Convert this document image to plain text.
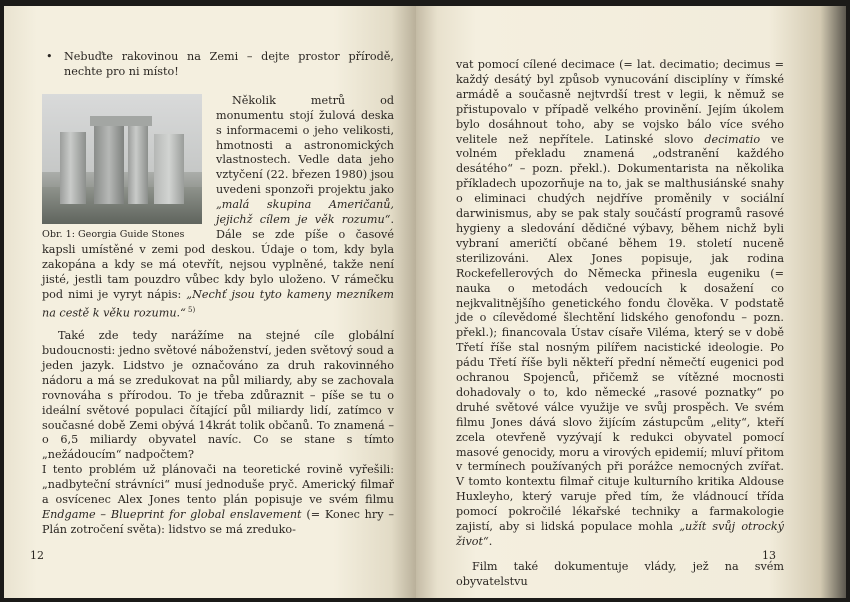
• Nebuďte rakovinou na Zemi – dejte prostor přírodě, nechte pro ni místo!

Obr. 1: Georgia Guide Stones

Několik metrů od monumentu stojí žulová deska s informacemi o jeho velikosti, hmotnosti a astronomických vlastnostech. Vedle data jeho vztyčení (22. březen 1980) jsou uvedeni sponzoři projektu jako „malá skupina Američanů, jejichž cílem je věk rozumu“. Dále se zde píše o časové kapsli umístěné v zemi pod deskou. Údaje o tom, kdy byla zakopána a kdy se má otevřít, nejsou vyplněné, takže není jisté, jestli tam pouzdro vůbec kdy bylo uloženo. V rámečku pod nimi je vyryt nápis: „Nechť jsou tyto kameny mezníkem na cestě k věku rozumu.“ $^{5)}$

Také zde tedy narážíme na stejné cíle globální budoucnosti: jedno světové náboženství, jeden světový soud a jeden jazyk. Lidstvo je označováno za druh rakovinného nádoru a má se zredukovat na půl miliardy, aby se zachovala rovnováha s přírodou. To je třeba zdůraznit – píše se tu o ideální světové populaci čítající půl miliardy lidí, zatímco v současné době Zemi obývá 14krát tolik občanů. To znamená – o 6,5 miliardy obyvatel navíc. Co se stane s tímto „nežádoucím“ nadpočtem?

I tento problém už plánovači na teoretické rovině vyřešili: „nadbyteční strávníci“ musí jednoduše pryč. Americký filmař a osvícenec Alex Jones tento plán popisuje ve svém filmu Endgame – Blueprint for global enslavement (= Konec hry – Plán zotročení světa): lidstvo se má zreduko-

12

vat pomocí cílené decimace (= lat. decimatio; decimus = každý desátý byl způsob vynucování disciplíny v římské armádě a současně nejtvrdší trest v legii, k němuž se přistupovalo v případě velkého provinění. Jejím úkolem bylo dosáhnout toho, aby se vojsko bálo více svého velitele než nepřítele. Latinské slovo decimatio ve volném překladu znamená „odstranění každého desátého“ – pozn. překl.). Dokumentarista na několika příkladech upozorňuje na to, jak se malthusiánské snahy o eliminaci chudých nejdříve proměnily v sociální darwinismus, aby se pak staly součástí programů rasové hygieny a sledování dědičné výbavy, během nichž byli vybraní američtí občané během 19. století nuceně sterilizováni. Alex Jones popisuje, jak rodina Rockefellerových do Německa přinesla eugeniku (= nauka o metodách vedoucích k dosažení co nejkvalitnějšího genetického fondu člověka. V podstatě jde o cílevědomé šlechtění lidského genofondu – pozn. překl.); financovala Ústav císaře Viléma, který se v době Třetí říše stal nosným pilířem nacistické ideologie. Po pádu Třetí říše byli někteří přední němečtí eugenici pod ochranou Spojenců, přičemž se vítězné mocnosti dohadovaly o to, kdo německé „rasové poznatky“ po druhé světové válce využije ve svůj prospěch. Ve svém filmu Jones dává slovo žijícím zástupcům „elity“, kteří zcela otevřeně vyzývají k redukci obyvatel pomocí masové genocidy, moru a virových epidemií; mluví přitom v termínech používaných při porážce nemocných zvířat. V tomto kontextu filmař cituje kulturního kritika Aldouse Huxleyho, který varuje před tím, že vládnoucí třída pomocí pokročilé lékařské techniky a farmakologie zajistí, aby si lidská populace mohla „užít svůj otrocký život“.

Film také dokumentuje vlády, jež na svém obyvatelstvu

13
